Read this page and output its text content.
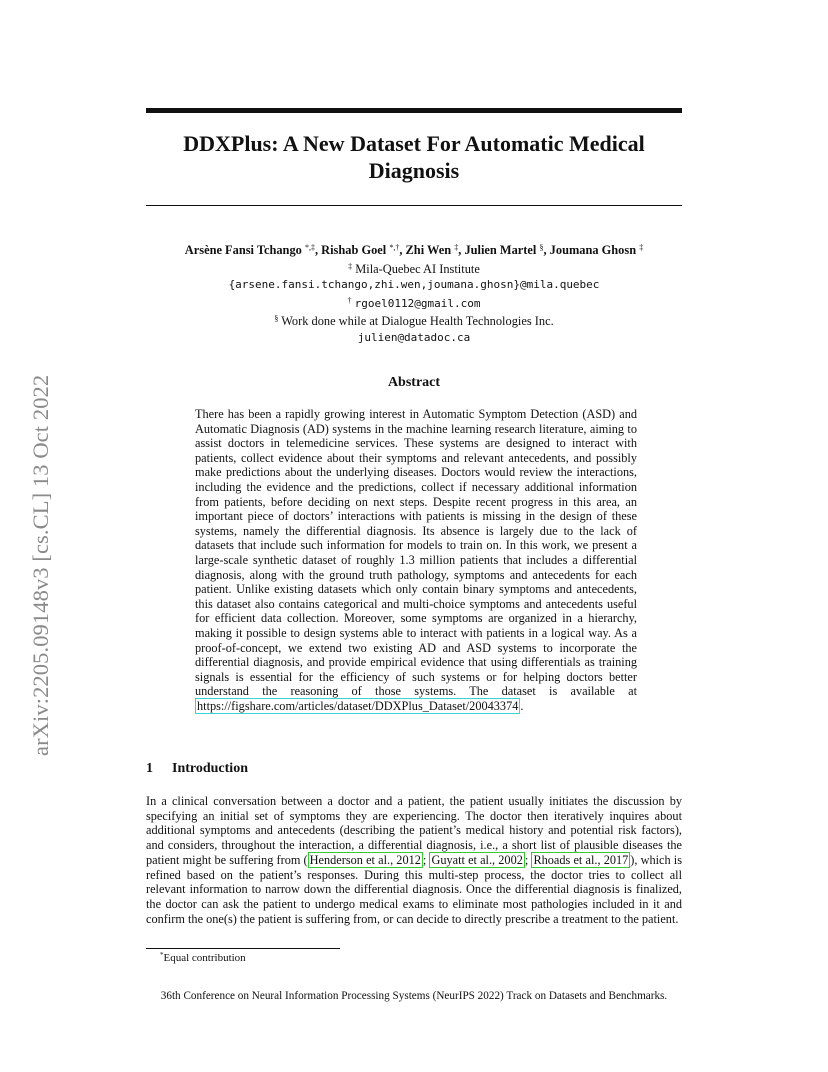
arXiv:2205.09148v3 [cs.CL] 13 Oct 2022
DDXPlus: A New Dataset For Automatic Medical
Diagnosis
Arsène Fansi Tchango *,‡, Rishab Goel *,†, Zhi Wen ‡, Julien Martel §, Joumana Ghosn ‡
‡ Mila-Quebec AI Institute
{arsene.fansi.tchango,zhi.wen,joumana.ghosn}@mila.quebec
† rgoel0112@gmail.com
§ Work done while at Dialogue Health Technologies Inc.
julien@datadoc.ca
Abstract
There has been a rapidly growing interest in Automatic Symptom Detection (ASD) and Automatic Diagnosis (AD) systems in the machine learning research literature, aiming to assist doctors in telemedicine services. These systems are designed to interact with patients, collect evidence about their symptoms and relevant antecedents, and possibly make predictions about the underlying diseases. Doctors would review the interactions, including the evidence and the predictions, collect if necessary additional information from patients, before deciding on next steps. Despite recent progress in this area, an important piece of doctors’ interactions with patients is missing in the design of these systems, namely the differential diagnosis. Its absence is largely due to the lack of datasets that include such information for models to train on. In this work, we present a large-scale synthetic dataset of roughly 1.3 million patients that includes a differential diagnosis, along with the ground truth pathology, symptoms and antecedents for each patient. Unlike existing datasets which only contain binary symptoms and antecedents, this dataset also contains categorical and multi-choice symptoms and antecedents useful for efficient data collection. Moreover, some symptoms are organized in a hierarchy, making it possible to design systems able to interact with patients in a logical way. As a proof-of-concept, we extend two existing AD and ASD systems to incorporate the differential diagnosis, and provide empirical evidence that using differentials as training signals is essential for the efficiency of such systems or for helping doctors better understand the reasoning of those systems. The dataset is available at https://figshare.com/articles/dataset/DDXPlus_Dataset/20043374 .
1 Introduction
In a clinical conversation between a doctor and a patient, the patient usually initiates the discussion by specifying an initial set of symptoms they are experiencing. The doctor then iteratively inquires about additional symptoms and antecedents (describing the patient’s medical history and potential risk factors), and considers, throughout the interaction, a differential diagnosis, i.e., a short list of plausible diseases the patient might be suffering from ( Henderson et al., 2012 ; Guyatt et al., 2002 ; Rhoads et al., 2017 ), which is refined based on the patient’s responses. During this multi-step process, the doctor tries to collect all relevant information to narrow down the differential diagnosis. Once the differential diagnosis is finalized, the doctor can ask the patient to undergo medical exams to eliminate most pathologies included in it and confirm the one(s) the patient is suffering from, or can decide to directly prescribe a treatment to the patient.
*Equal contribution
36th Conference on Neural Information Processing Systems (NeurIPS 2022) Track on Datasets and Benchmarks.
